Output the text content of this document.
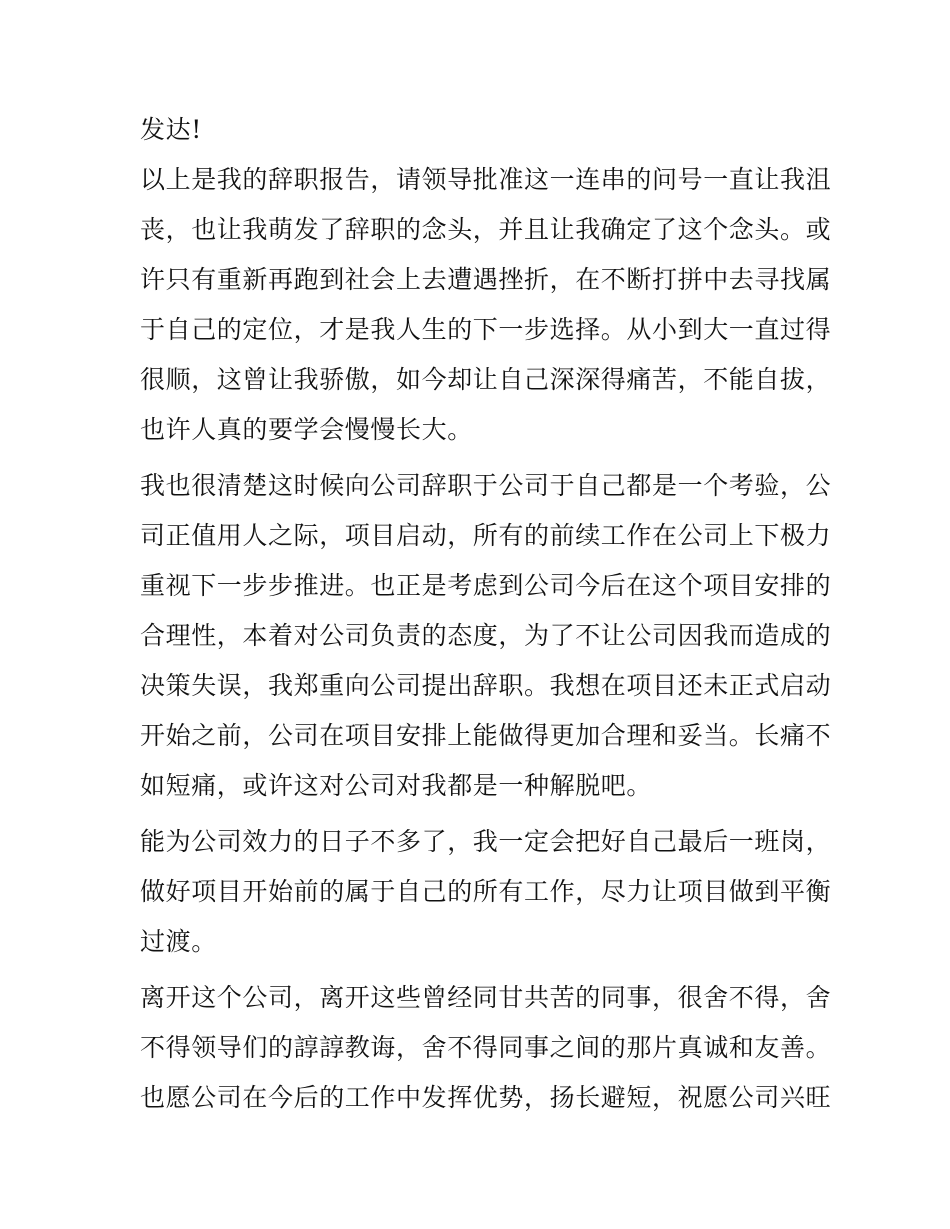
发达!
以上是我的辞职报告，请领导批准这一连串的问号一直让我沮
丧，也让我萌发了辞职的念头，并且让我确定了这个念头。或
许只有重新再跑到社会上去遭遇挫折，在不断打拼中去寻找属
于自己的定位，才是我人生的下一步选择。从小到大一直过得
很顺，这曾让我骄傲，如今却让自己深深得痛苦，不能自拔，
也许人真的要学会慢慢长大。
我也很清楚这时候向公司辞职于公司于自己都是一个考验，公
司正值用人之际，项目启动，所有的前续工作在公司上下极力
重视下一步步推进。也正是考虑到公司今后在这个项目安排的
合理性，本着对公司负责的态度，为了不让公司因我而造成的
决策失误，我郑重向公司提出辞职。我想在项目还未正式启动
开始之前，公司在项目安排上能做得更加合理和妥当。长痛不
如短痛，或许这对公司对我都是一种解脱吧。
能为公司效力的日子不多了，我一定会把好自己最后一班岗，
做好项目开始前的属于自己的所有工作，尽力让项目做到平衡
过渡。
离开这个公司，离开这些曾经同甘共苦的同事，很舍不得，舍
不得领导们的諄諄教诲，舍不得同事之间的那片真诚和友善。
也愿公司在今后的工作中发挥优势，扬长避短，祝愿公司兴旺
